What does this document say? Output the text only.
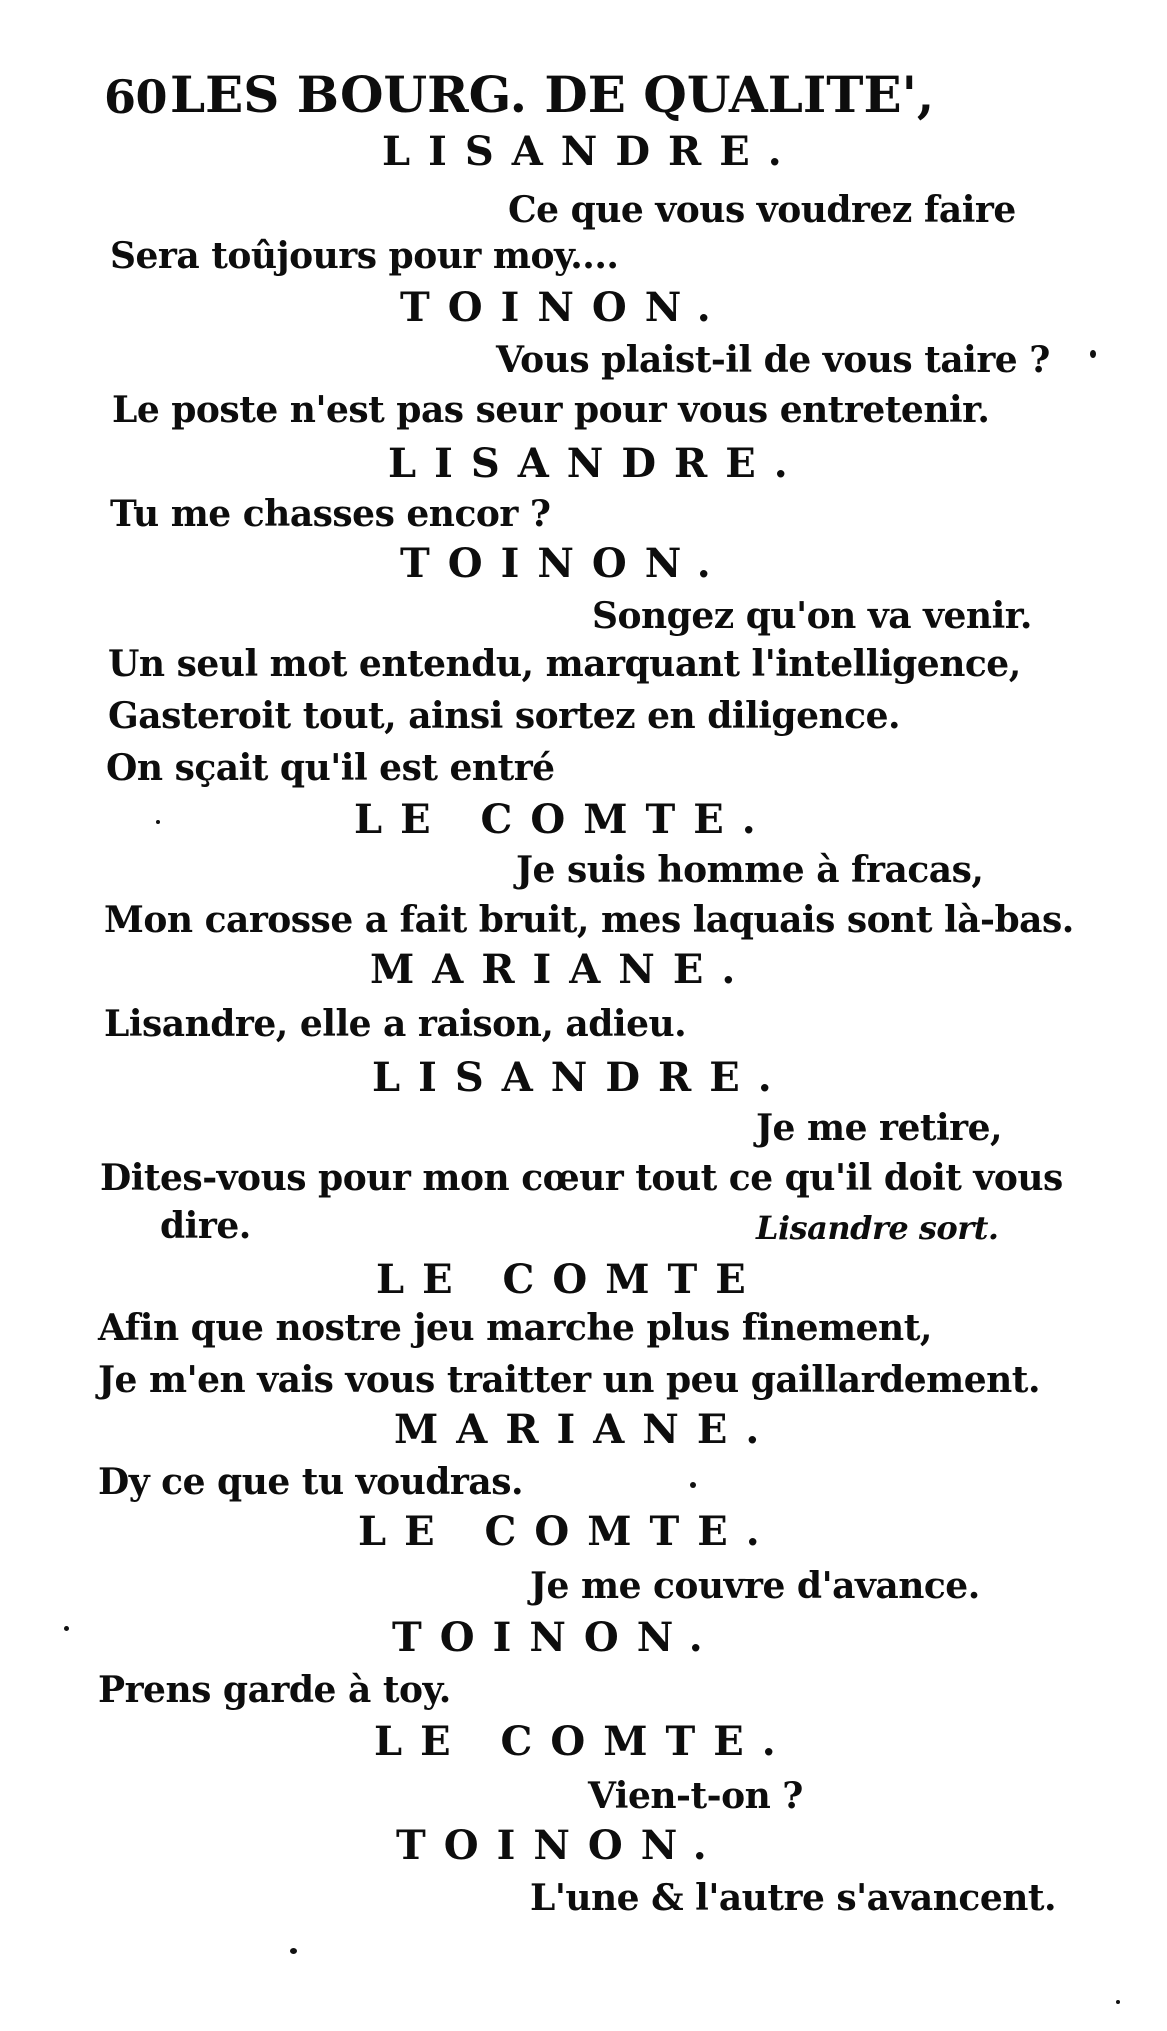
60 LES BOURG. DE QUALITE',
LISANDRE.
Ce que vous voudrez faire
Sera toûjours pour moy....
TOINON.
Vous plaist-il de vous taire ?
Le poste n'est pas seur pour vous entretenir.
LISANDRE.
Tu me chasses encor ?
TOINON.
Songez qu'on va venir.
Un seul mot entendu, marquant l'intelligence,
Gasteroit tout, ainsi sortez en diligence.
On sçait qu'il est entré
LE COMTE.
Je suis homme à fracas,
Mon carosse a fait bruit, mes laquais sont là-bas.
MARIANE.
Lisandre, elle a raison, adieu.
LISANDRE.
Je me retire,
Dites-vous pour mon cœur tout ce qu'il doit vous
dire.	Lisandre sort.
LE COMTE
Afin que nostre jeu marche plus finement,
Je m'en vais vous traitter un peu gaillardement.
MARIANE.
Dy ce que tu voudras.
LE COMTE.
Je me couvre d'avance.
TOINON.
Prens garde à toy.
LE COMTE.
Vien-t-on ?
TOINON.
L'une & l'autre s'avancent.
